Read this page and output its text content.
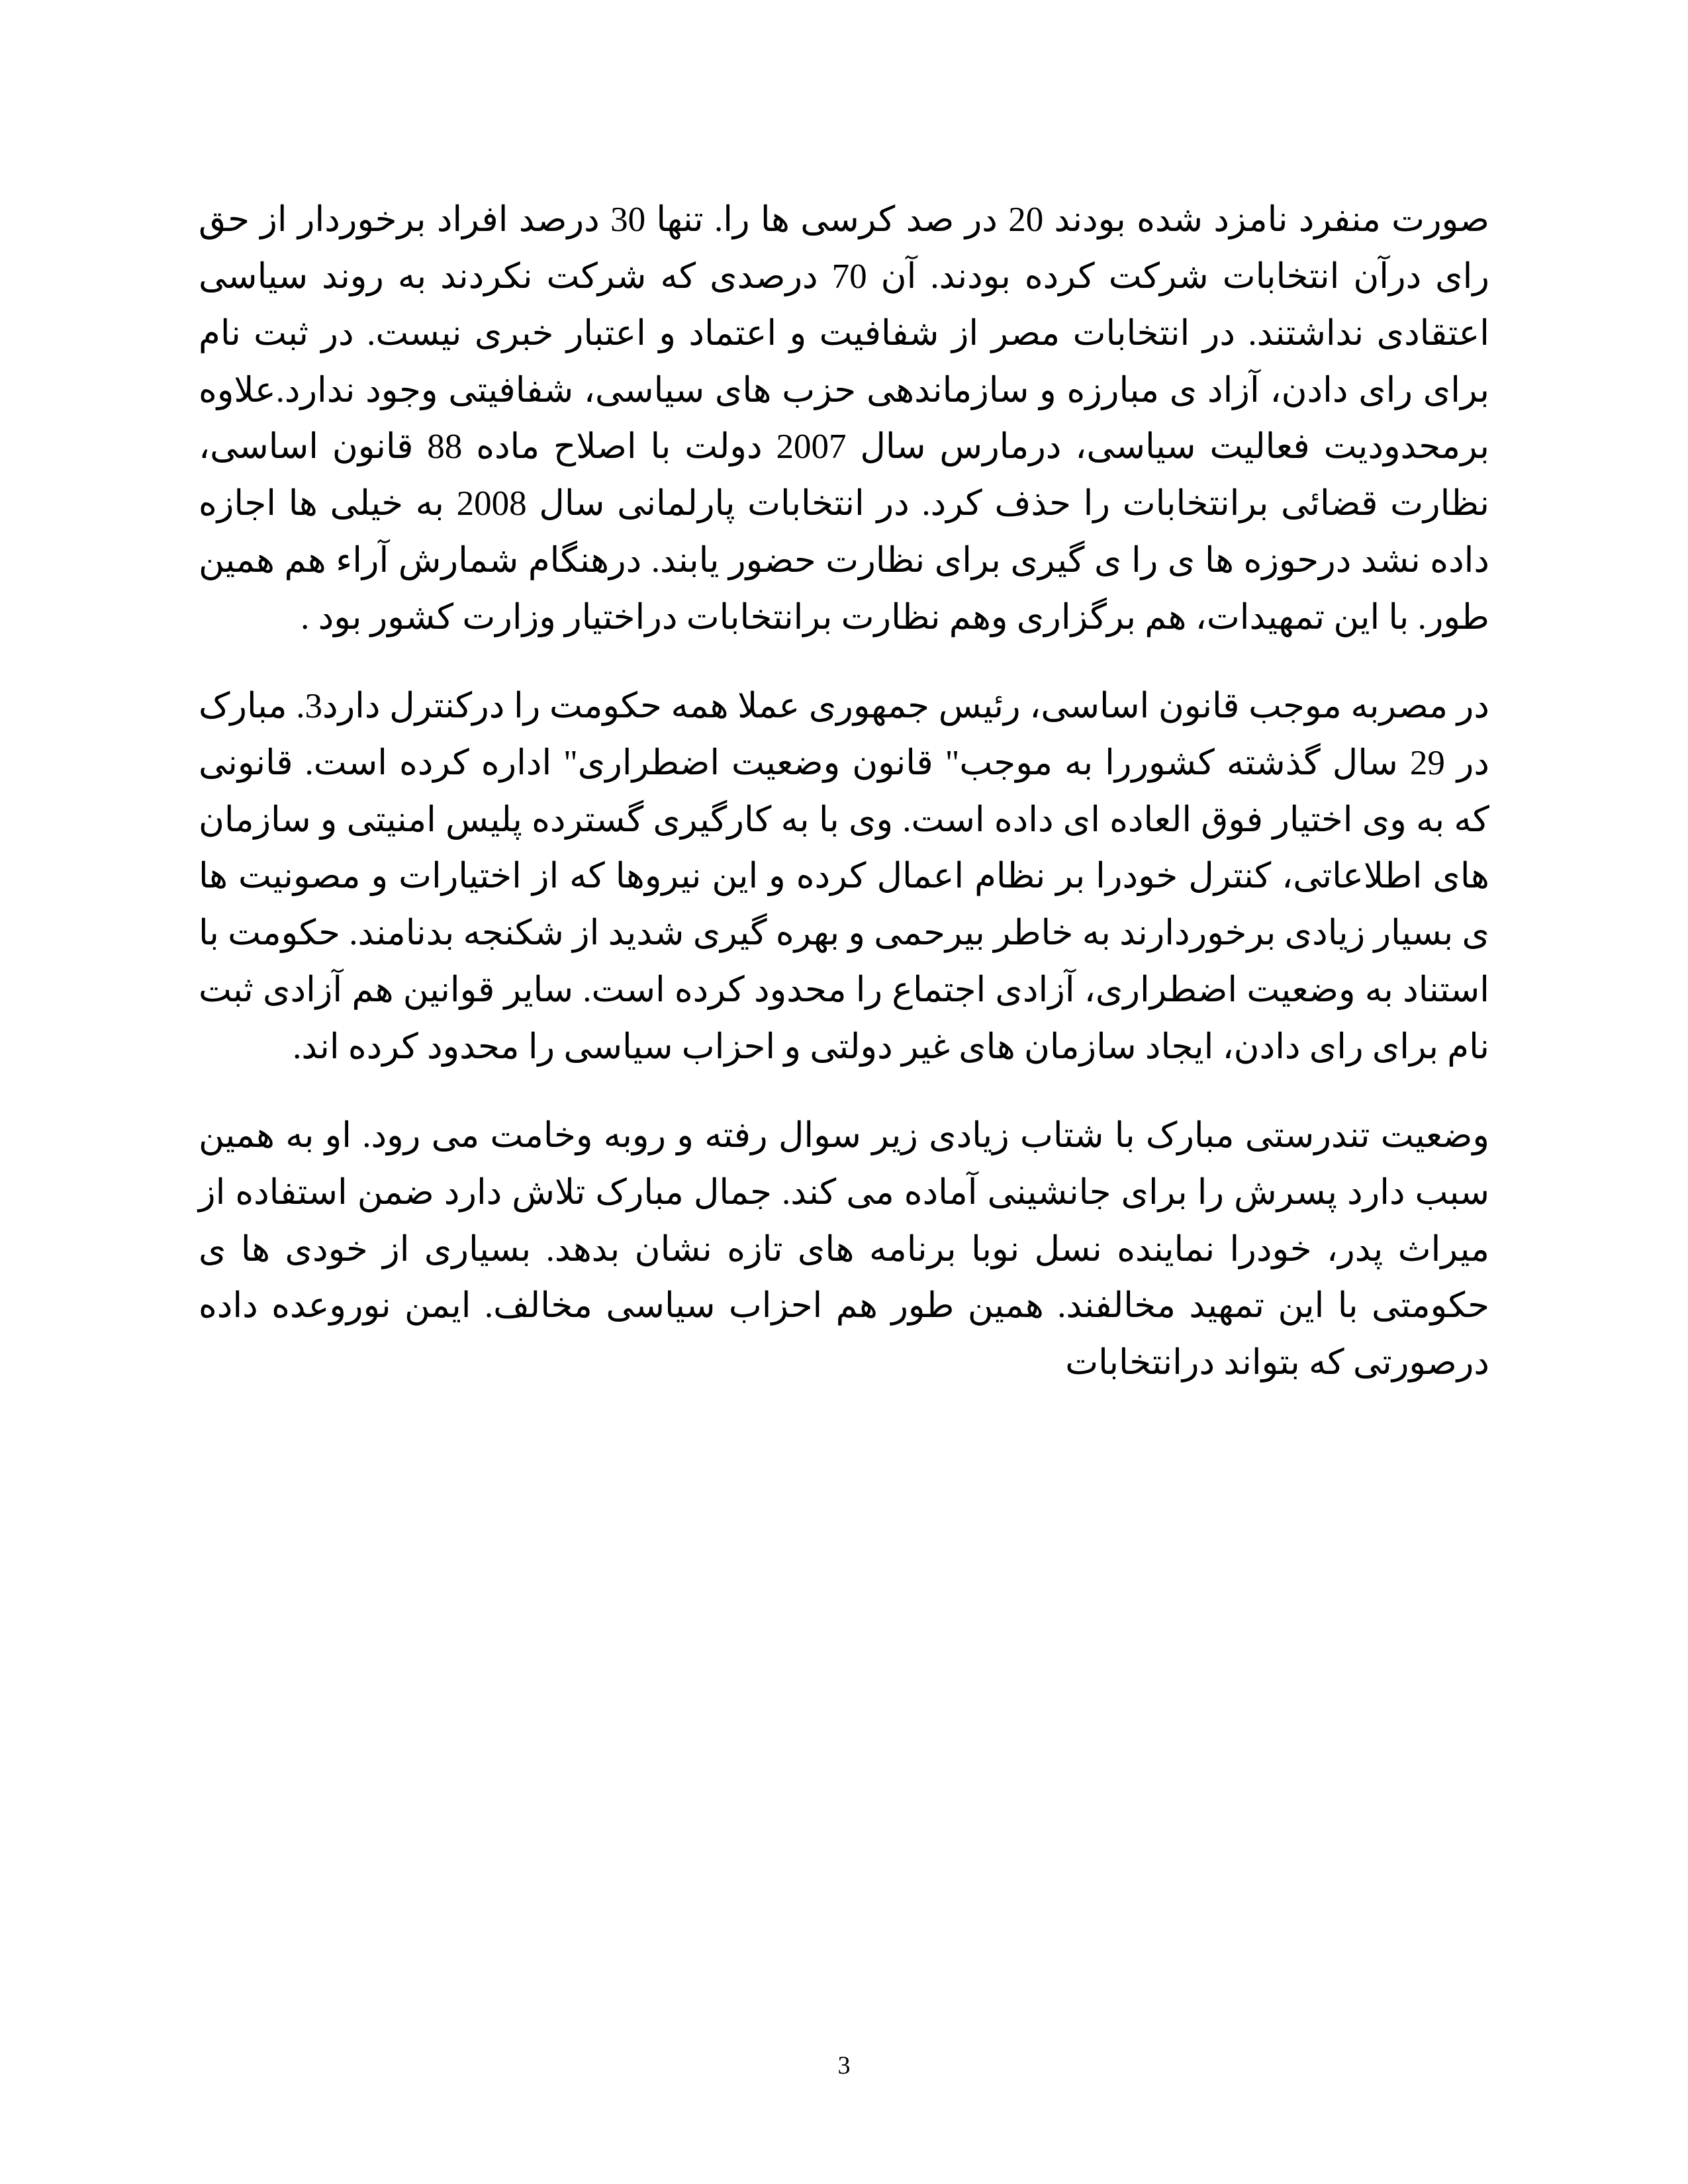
صورت منفرد نامزد شده بودند 20 در صد کرسی ها را. تنها 30 درصد افراد برخوردار از حق رای درآن انتخابات شرکت کرده بودند. آن 70 درصدی که شرکت نکردند به روند سیاسی اعتقادی نداشتند. در انتخابات مصر از شفافیت و اعتماد و اعتبار خبری نیست. در ثبت نام برای رای دادن، آزاد ی مبارزه و سازماندهی حزب های سیاسی، شفافیتی وجود ندارد.علاوه برمحدودیت فعالیت سیاسی، درمارس سال 2007 دولت با اصلاح ماده 88 قانون اساسی، نظارت قضائی برانتخابات را حذف کرد. در انتخابات پارلمانی سال 2008 به خیلی ها اجازه داده نشد درحوزه ها ی را ی گیری برای نظارت حضور یابند. درهنگام شمارش آراء هم همین طور. با این تمهیدات، هم برگزاری وهم نظارت برانتخابات دراختیار وزارت کشور بود .

در مصربه موجب قانون اساسی، رئیس جمهوری عملا همه حکومت را درکنترل دارد3. مبارک در 29 سال گذشته کشوررا به موجب" قانون وضعیت اضطراری" اداره کرده است. قانونی که به وی اختیار فوق العاده ای داده است. وی با به کارگیری گسترده پلیس امنیتی و سازمان های اطلاعاتی، کنترل خودرا بر نظام اعمال کرده و این نیروها که از اختیارات و مصونیت ها ی بسیار زیادی برخوردارند به خاطر بیرحمی و بهره گیری شدید از شکنجه بدنامند. حکومت با استناد به وضعیت اضطراری، آزادی اجتماع را محدود کرده است. سایر قوانین هم آزادی ثبت نام برای رای دادن، ایجاد سازمان های غیر دولتی و احزاب سیاسی را محدود کرده اند.

وضعیت تندرستی مبارک با شتاب زیادی زیر سوال رفته و روبه وخامت می رود. او به همین سبب دارد پسرش را برای جانشینی آماده می کند. جمال مبارک تلاش دارد ضمن استفاده از میراث پدر، خودرا نماینده نسل نوبا برنامه های تازه نشان بدهد. بسیاری از خودی ها ی حکومتی با این تمهید مخالفند. همین طور هم احزاب سیاسی مخالف. ایمن نوروعده داده درصورتی که بتواند درانتخابات

3
